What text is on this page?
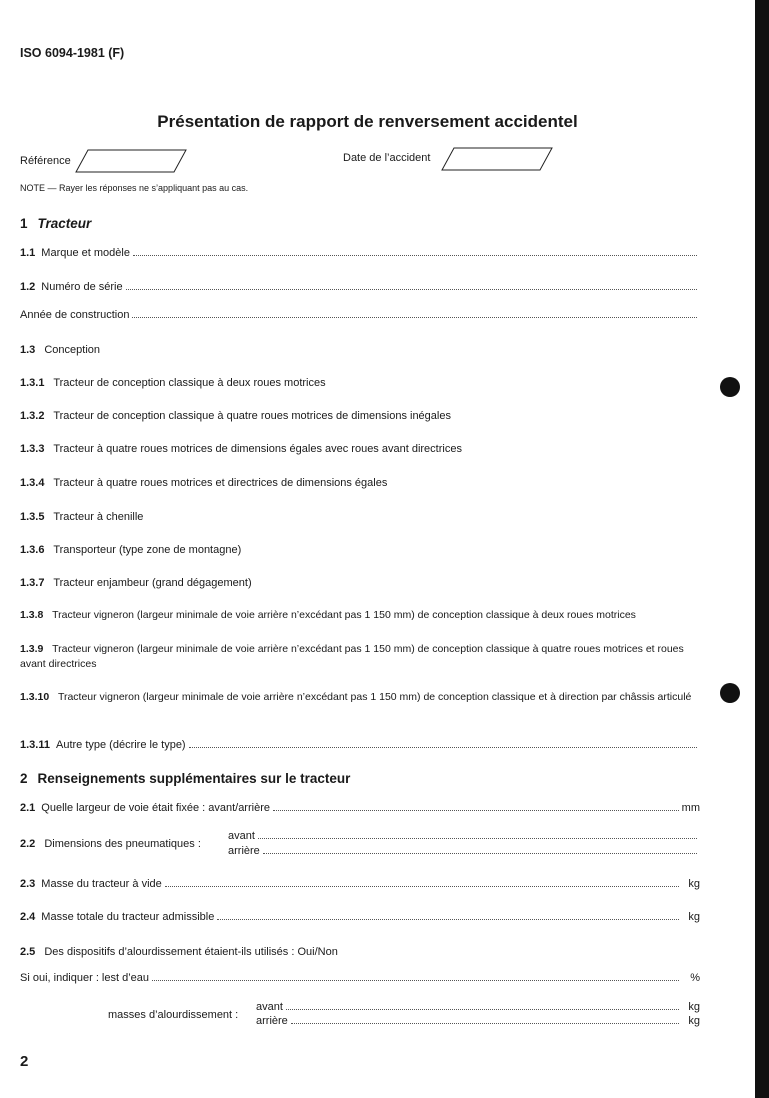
ISO 6094-1981 (F)
Présentation de rapport de renversement accidentel
Référence	Date de l’accident
NOTE — Rayer les réponses ne s’appliquant pas au cas.
1 Tracteur
1.1 Marque et modèle
1.2 Numéro de série
Année de construction
1.3 Conception
1.3.1 Tracteur de conception classique à deux roues motrices
1.3.2 Tracteur de conception classique à quatre roues motrices de dimensions inégales
1.3.3 Tracteur à quatre roues motrices de dimensions égales avec roues avant directrices
1.3.4 Tracteur à quatre roues motrices et directrices de dimensions égales
1.3.5 Tracteur à chenille
1.3.6 Transporteur (type zone de montagne)
1.3.7 Tracteur enjambeur (grand dégagement)
1.3.8 Tracteur vigneron (largeur minimale de voie arrière n’excédant pas 1 150 mm) de conception classique à deux roues motrices
1.3.9 Tracteur vigneron (largeur minimale de voie arrière n’excédant pas 1 150 mm) de conception classique à quatre roues motrices et roues avant directrices
1.3.10 Tracteur vigneron (largeur minimale de voie arrière n’excédant pas 1 150 mm) de conception classique et à direction par châssis articulé
1.3.11 Autre type (décrire le type)
2 Renseignements supplémentaires sur le tracteur
2.1 Quelle largeur de voie était fixée : avant/arrière	mm
2.2 Dimensions des pneumatiques :
avant
arrière
2.3 Masse du tracteur à vide	kg
2.4 Masse totale du tracteur admissible	kg
2.5 Des dispositifs d’alourdissement étaient-ils utilisés : Oui/Non
Si oui, indiquer : lest d’eau	%
masses d’alourdissement :
avant	kg
arrière	kg
2
